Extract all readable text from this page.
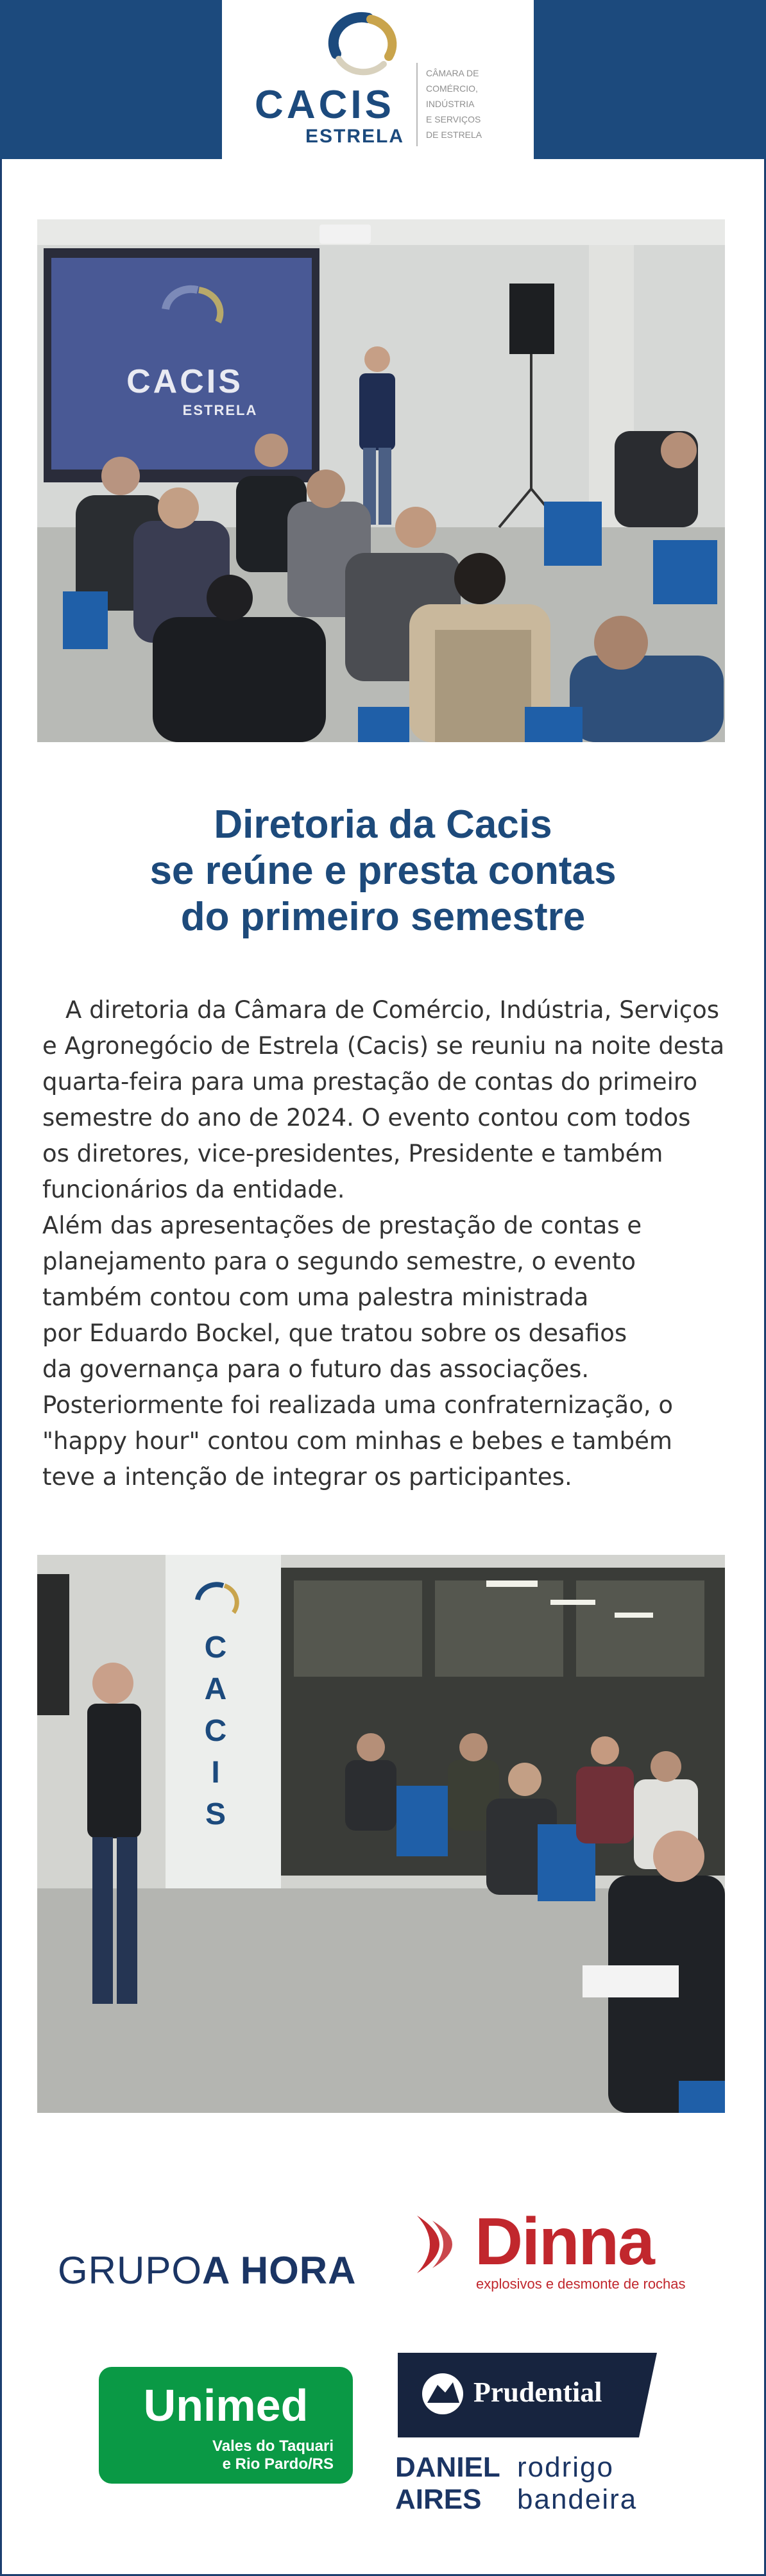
CACIS
ESTRELA
CÂMARA DE
COMÉRCIO,
INDÚSTRIA
E SERVIÇOS
DE ESTRELA
CACIS
ESTRELA
Diretoria da Cacis
se reúne e presta contas
do primeiro semestre
A diretoria da Câmara de Comércio, Indústria, Serviços
e Agronegócio de Estrela (Cacis) se reuniu na noite desta
quarta-feira para uma prestação de contas do primeiro
semestre do ano de 2024. O evento contou com todos
os diretores, vice-presidentes, Presidente e também
funcionários da entidade.
Além das apresentações de prestação de contas e
planejamento para o segundo semestre, o evento
também contou com uma palestra ministrada
por Eduardo Bockel, que tratou sobre os desafios
da governança para o futuro das associações.
Posteriormente foi realizada uma confraternização, o
"happy hour" contou com minhas e bebes e também
teve a intenção de integrar os participantes.
C
A
C
I
S
GRUPOA HORA	Dinna
explosivos e desmonte de rochas
Unimed
Vales do Taquari
e Rio Pardo/RS
Prudential
DANIEL
AIRES
rodrigo
bandeira
